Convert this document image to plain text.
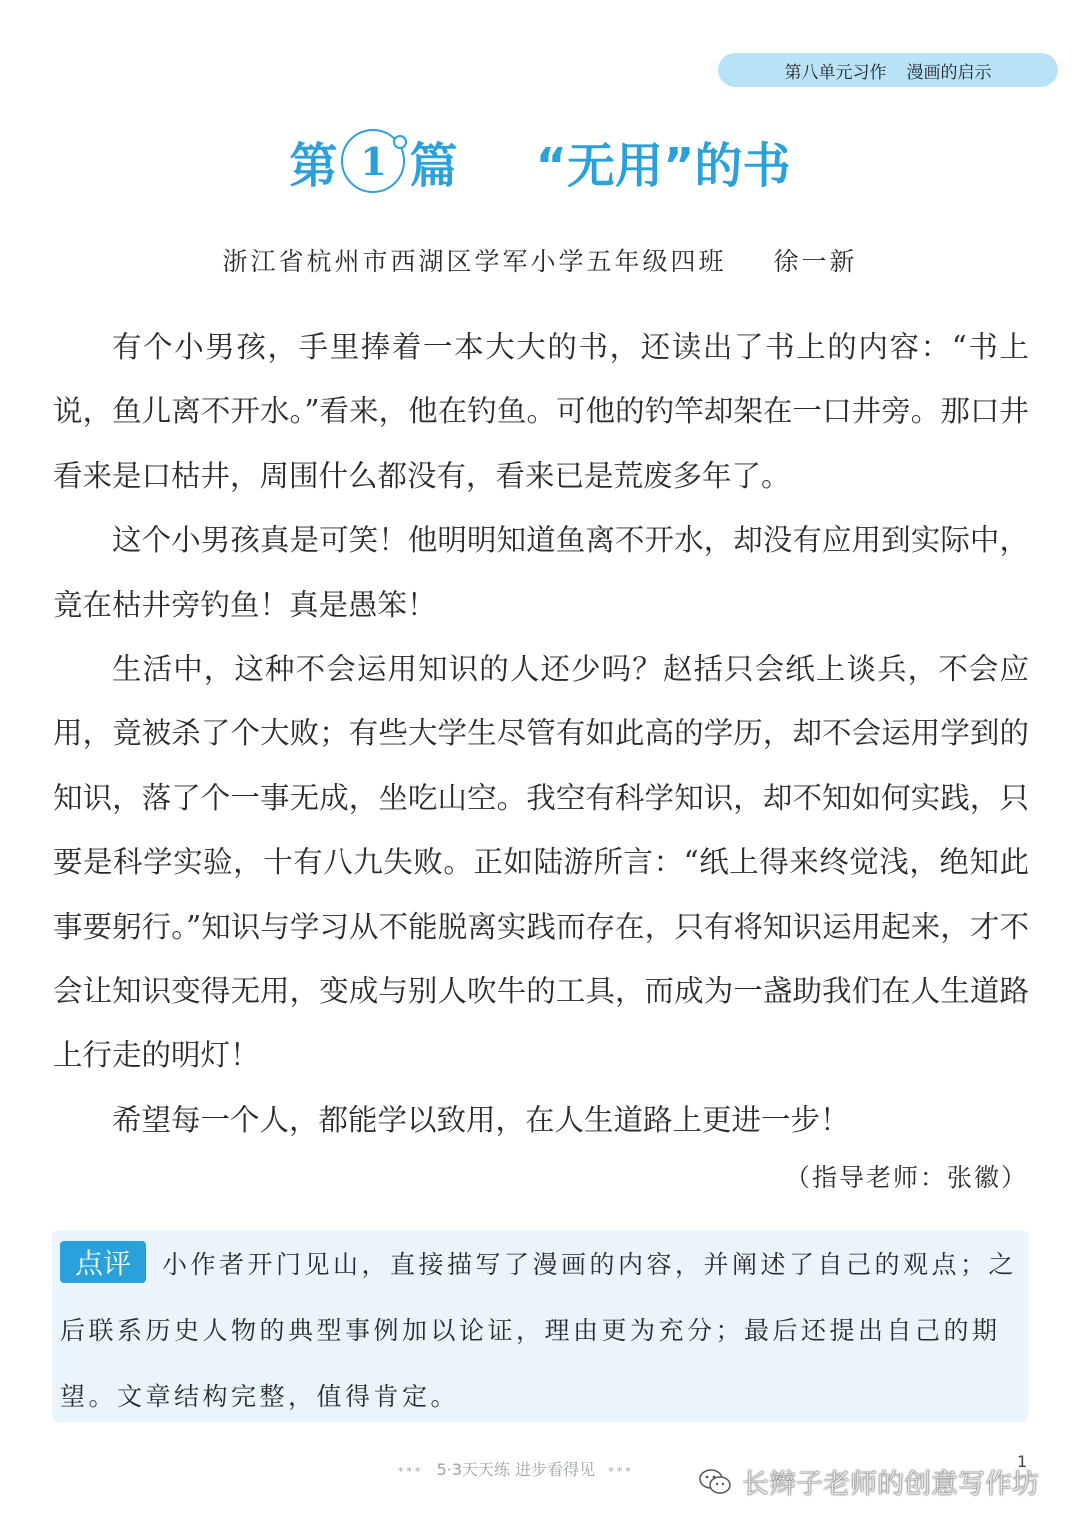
第八单元习作 漫画的启示
第 1 篇 “无用”的书
浙江省杭州市西湖区学军小学五年级四班 徐一新

有个小男孩，手里捧着一本大大的书，还读出了书上的内容：“书上说，鱼儿离不开水。”看来，他在钓鱼。可他的钓竿却架在一口井旁。那口井看来是口枯井，周围什么都没有，看来已是荒废多年了。

这个小男孩真是可笑！他明明知道鱼离不开水，却没有应用到实际中，竟在枯井旁钓鱼！真是愚笨！

生活中，这种不会运用知识的人还少吗？赵括只会纸上谈兵，不会应用，竟被杀了个大败；有些大学生尽管有如此高的学历，却不会运用学到的知识，落了个一事无成，坐吃山空。我空有科学知识，却不知如何实践，只要是科学实验，十有八九失败。正如陆游所言：“纸上得来终觉浅，绝知此事要躬行。”知识与学习从不能脱离实践而存在，只有将知识运用起来，才不会让知识变得无用，变成与别人吹牛的工具，而成为一盏助我们在人生道路上行走的明灯！

希望每一个人，都能学以致用，在人生道路上更进一步！

（指导老师：张徽）
点评	小作者开门见山，直接描写了漫画的内容，并阐述了自己的观点；之后联系历史人物的典型事例加以论证，理由更为充分；最后还提出自己的期望。文章结构完整，值得肯定。
*** 5·3天天练 进步看得见 ***
1
长辫子老师的创意写作坊
